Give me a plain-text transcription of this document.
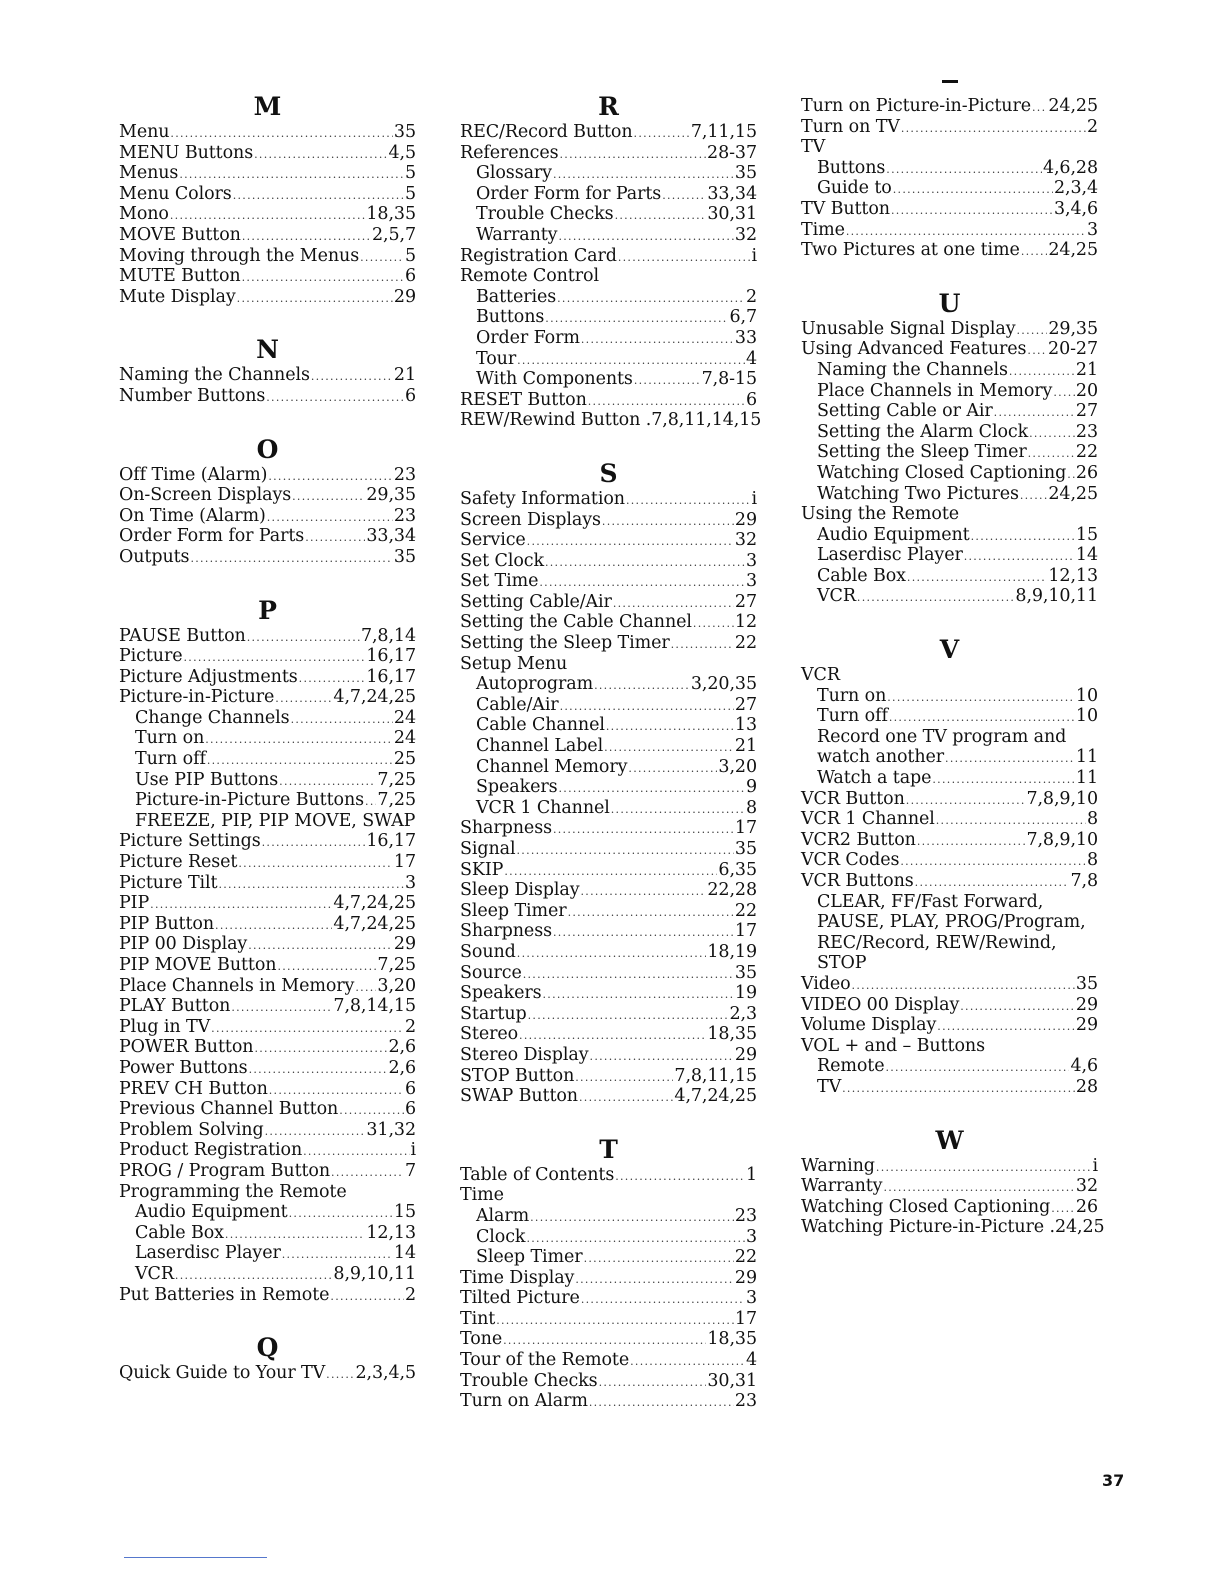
M
Menu .....	35
MENU Buttons .....	4,5
Menus .....	5
Menu Colors .....	5
Mono .....	18,35
MOVE Button .....	2,5,7
Moving through the Menus .....	5
MUTE Button .....	6
Mute Display .....	29
N
Naming the Channels .....	21
Number Buttons .....	6
O
Off Time (Alarm) .....	23
On-Screen Displays .....	29,35
On Time (Alarm) .....	23
Order Form for Parts .....	33,34
Outputs .....	35
P
PAUSE Button .....	7,8,14
Picture .....	16,17
Picture Adjustments .....	16,17
Picture-in-Picture .....	4,7,24,25
Change Channels .....	24
Turn on .....	24
Turn off .....	25
Use PIP Buttons .....	7,25
Picture-in-Picture Buttons ..... 7,25
FREEZE, PIP, PIP MOVE, SWAP
Picture Settings .....	16,17
Picture Reset .....	17
Picture Tilt .....	3
PIP .....	4,7,24,25
PIP Button .....	4,7,24,25
PIP 00 Display .....	29
PIP MOVE Button .....	7,25
Place Channels in Memory ..... 3,20
PLAY Button .....	7,8,14,15
Plug in TV .....	2
POWER Button .....	2,6
Power Buttons .....	2,6
PREV CH Button .....	6
Previous Channel Button .....	6
Problem Solving .....	31,32
Product Registration .....	i
PROG / Program Button .....	7
Programming the Remote
Audio Equipment .....	15
Cable Box .....	12,13
Laserdisc Player .....	14
VCR .....	8,9,10,11
Put Batteries in Remote .....	2
Q
Quick Guide to Your TV ..... 2,3,4,5
R
REC/Record Button .....	7,11,15
References .....	28-37
Glossary .....	35
Order Form for Parts .....	33,34
Trouble Checks .....	30,31
Warranty .....	32
Registration Card .....	i
Remote Control
Batteries .....	2
Buttons .....	6,7
Order Form .....	33
Tour .....	4
With Components .....	7,8-15
RESET Button .....	6
REW/Rewind Button .7,8,11,14,15
S
Safety Information .....	i
Screen Displays .....	29
Service .....	32
Set Clock .....	3
Set Time .....	3
Setting Cable/Air .....	27
Setting the Cable Channel ..... 12
Setting the Sleep Timer .....	22
Setup Menu
Autoprogram .....	3,20,35
Cable/Air .....	27
Cable Channel .....	13
Channel Label .....	21
Channel Memory .....	3,20
Speakers .....	9
VCR 1 Channel .....	8
Sharpness .....	17
Signal .....	35
SKIP .....	6,35
Sleep Display .....	22,28
Sleep Timer .....	22
Sharpness .....	17
Sound .....	18,19
Source .....	35
Speakers .....	19
Startup .....	2,3
Stereo .....	18,35
Stereo Display .....	29
STOP Button .....	7,8,11,15
SWAP Button .....	4,7,24,25
T
Table of Contents .....	1
Time
Alarm .....	23
Clock .....	3
Sleep Timer .....	22
Time Display .....	29
Tilted Picture .....	3
Tint .....	17
Tone .....	18,35
Tour of the Remote .....	4
Trouble Checks .....	30,31
Turn on Alarm .....	23
Turn on Picture-in-Picture ..... 24,25
Turn on TV .....	2
TV
Buttons .....	4,6,28
Guide to .....	2,3,4
TV Button .....	3,4,6
Time .....	3
Two Pictures at one time ..... 24,25
U
Unusable Signal Display ..... 29,35
Using Advanced Features ..... 20-27
Naming the Channels .....	21
Place Channels in Memory ..... 20
Setting Cable or Air .....	27
Setting the Alarm Clock .....	23
Setting the Sleep Timer .....	22
Watching Closed Captioning ..... 26
Watching Two Pictures ..... 24,25
Using the Remote
Audio Equipment .....	15
Laserdisc Player .....	14
Cable Box .....	12,13
VCR .....	8,9,10,11
V
VCR
Turn on .....	10
Turn off .....	10
Record one TV program and
watch another .....	11
Watch a tape .....	11
VCR Button .....	7,8,9,10
VCR 1 Channel .....	8
VCR2 Button .....	7,8,9,10
VCR Codes .....	8
VCR Buttons .....	7,8
CLEAR, FF/Fast Forward,
PAUSE, PLAY, PROG/Program,
REC/Record, REW/Rewind,
STOP
Video .....	35
VIDEO 00 Display .....	29
Volume Display .....	29
VOL + and – Buttons
Remote .....	4,6
TV .....	28
W
Warning .....	i
Warranty .....	32
Watching Closed Captioning ..... 26
Watching Picture-in-Picture .24,25
37
